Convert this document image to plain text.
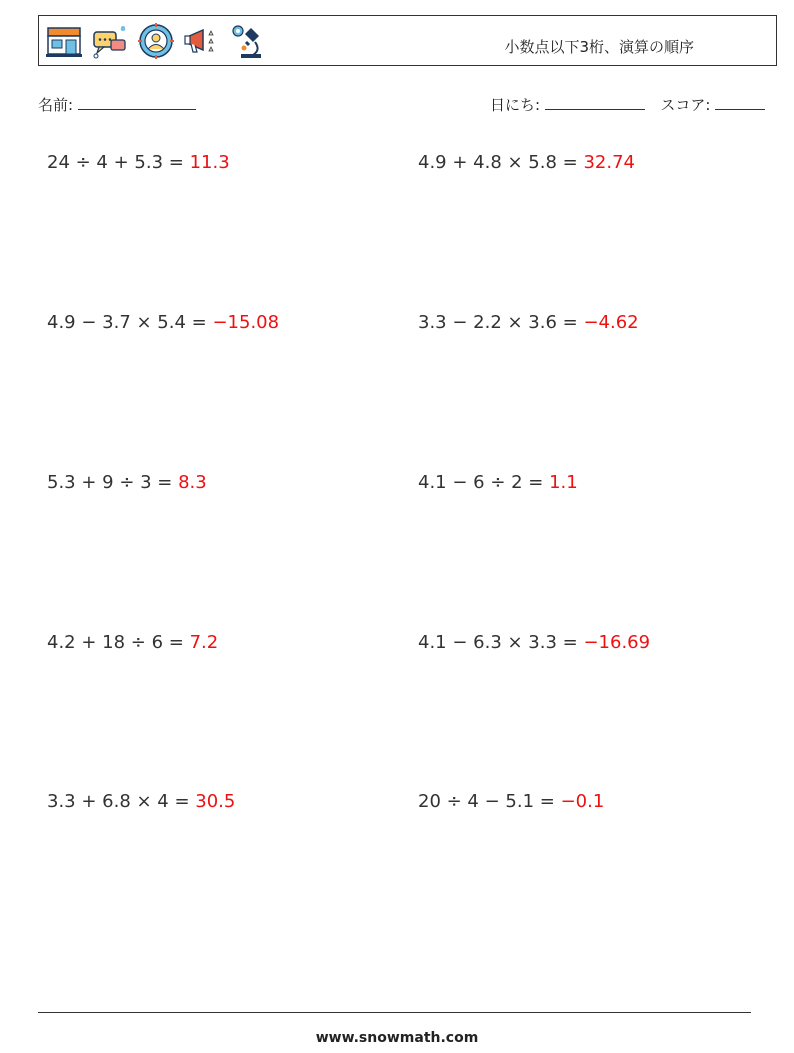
小数点以下3桁、演算の順序
名前:	日にち:	スコア:
24 ÷ 4 + 5.3 = 11.3	4.9 + 4.8 × 5.8 = 32.74
4.9 − 3.7 × 5.4 = −15.08	3.3 − 2.2 × 3.6 = −4.62
5.3 + 9 ÷ 3 = 8.3	4.1 − 6 ÷ 2 = 1.1
4.2 + 18 ÷ 6 = 7.2	4.1 − 6.3 × 3.3 = −16.69
3.3 + 6.8 × 4 = 30.5	20 ÷ 4 − 5.1 = −0.1
www.snowmath.com
